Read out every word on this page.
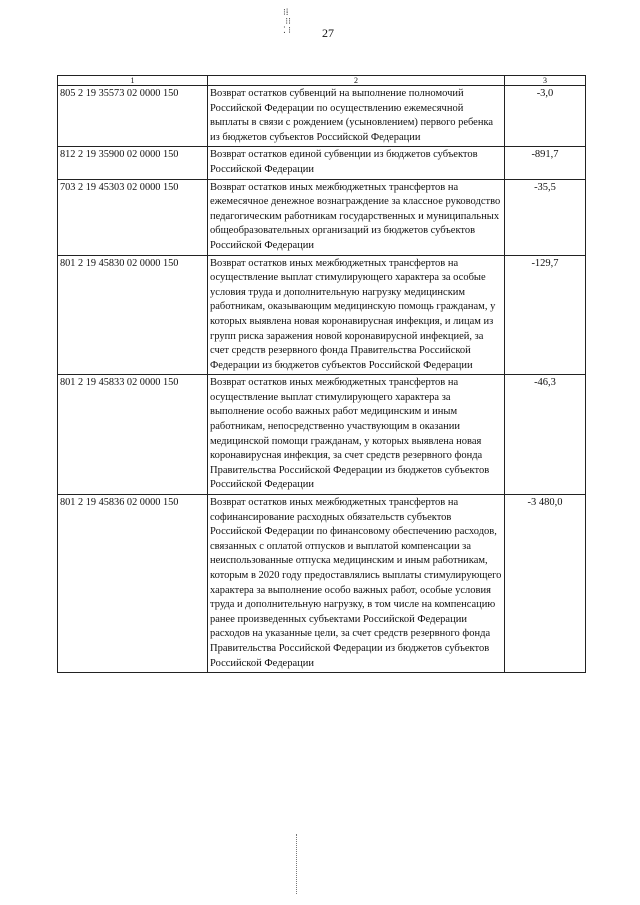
⁝⁞
⁝⁝
⁚ ⁝	27
1	2	3
805 2 19 35573 02 0000 150	Возврат остатков субвенций на выполнение полномочий Российской Федерации по осуществлению ежемесячной выплаты в связи с рождением (усыновлением) первого ребенка из бюджетов субъектов Российской Федерации	-3,0
812 2 19 35900 02 0000 150	Возврат остатков единой субвенции из бюджетов субъектов Российской Федерации	-891,7
703 2 19 45303 02 0000 150	Возврат остатков иных межбюджетных трансфертов на ежемесячное денежное вознаграждение за классное руководство педагогическим работникам государственных и муниципальных общеобразовательных организаций из бюджетов субъектов Российской Федерации	-35,5
801 2 19 45830 02 0000 150	Возврат остатков иных межбюджетных трансфертов на осуществление выплат стимулирующего характера за особые условия труда и дополнительную нагрузку медицинским работникам, оказывающим медицинскую помощь гражданам, у которых выявлена новая коронавирусная инфекция, и лицам из групп риска заражения новой коронавирусной инфекцией, за счет средств резервного фонда Правительства Российской Федерации из бюджетов субъектов Российской Федерации	-129,7
801 2 19 45833 02 0000 150	Возврат остатков иных межбюджетных трансфертов на осуществление выплат стимулирующего характера за выполнение особо важных работ медицинским и иным работникам, непосредственно участвующим в оказании медицинской помощи гражданам, у которых выявлена новая коронавирусная инфекция, за счет средств резервного фонда Правительства Российской Федерации из бюджетов субъектов Российской Федерации	-46,3
801 2 19 45836 02 0000 150	Возврат остатков иных межбюджетных трансфертов на софинансирование расходных обязательств субъектов Российской Федерации по финансовому обеспечению расходов, связанных с оплатой отпусков и выплатой компенсации за неиспользованные отпуска медицинским и иным работникам, которым в 2020 году предоставлялись выплаты стимулирующего характера за выполнение особо важных работ, особые условия труда и дополнительную нагрузку, в том числе на компенсацию ранее произведенных субъектами Российской Федерации расходов на указанные цели, за счет средств резервного фонда Правительства Российской Федерации из бюджетов субъектов Российской Федерации	-3 480,0
